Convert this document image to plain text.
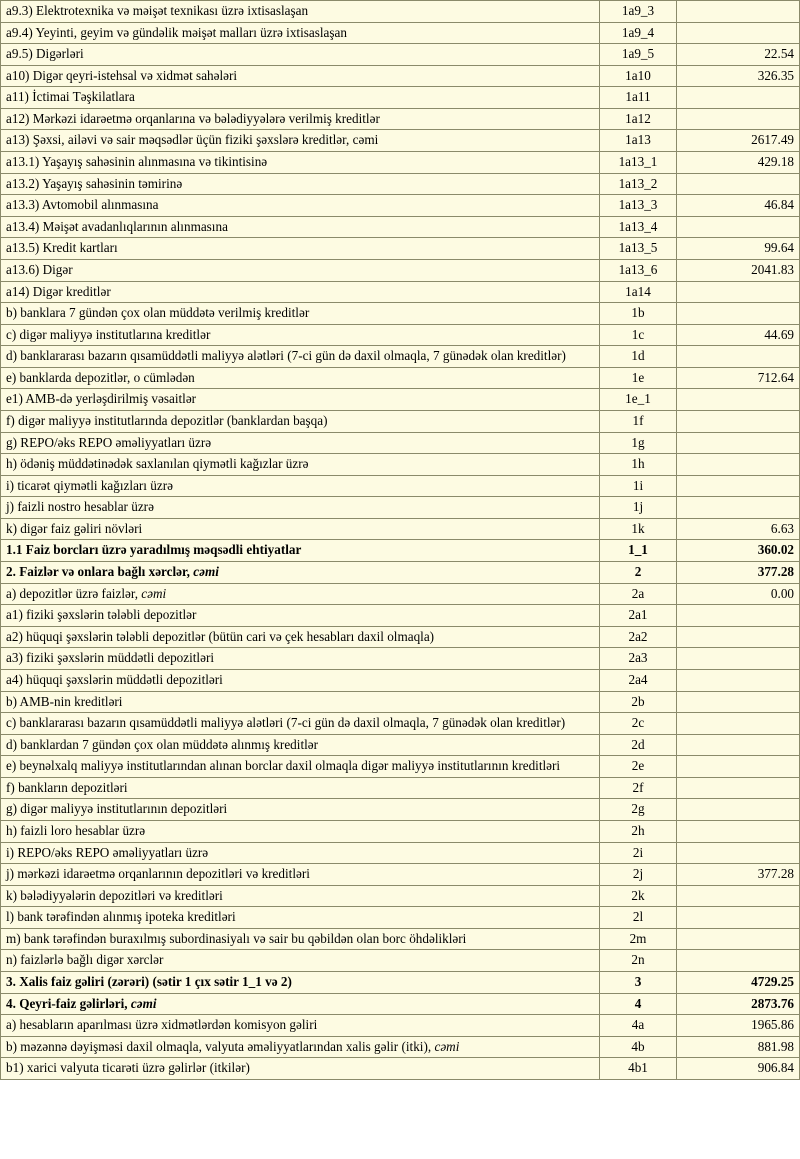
a9.3) Elektrotexnika və məişət texnikası üzrə ixtisaslaşan	1a9_3	
a9.4) Yeyinti, geyim və gündəlik məişət malları üzrə ixtisaslaşan	1a9_4	
a9.5) Digərləri	1a9_5	22.54
a10) Digər qeyri-istehsal və xidmət sahələri	1a10	326.35
a11) İctimai Təşkilatlara	1a11	
a12) Mərkəzi idarəetmə orqanlarına və bələdiyyələrə verilmiş kreditlər	1a12	
a13) Şəxsi, ailəvi və sair məqsədlər üçün fiziki şəxslərə kreditlər, cəmi	1a13	2617.49
a13.1) Yaşayış sahəsinin alınmasına və tikintisinə	1a13_1	429.18
a13.2) Yaşayış sahəsinin təmirinə	1a13_2	
a13.3) Avtomobil alınmasına	1a13_3	46.84
a13.4) Məişət avadanlıqlarının alınmasına	1a13_4	
a13.5) Kredit kartları	1a13_5	99.64
a13.6) Digər	1a13_6	2041.83
a14) Digər kreditlər	1a14	
b) banklara 7 gündən çox olan müddətə verilmiş kreditlər	1b	
c) digər maliyyə institutlarına kreditlər	1c	44.69
d) banklararası bazarın qısamüddətli maliyyə alətləri (7-ci gün də daxil olmaqla, 7 günədək olan kreditlər)	1d	
e) banklarda depozitlər, o cümlədən	1e	712.64
e1) AMB-də yerləşdirilmiş vəsaitlər	1e_1	
f) digər maliyyə institutlarında depozitlər (banklardan başqa)	1f	
g) REPO/əks REPO əməliyyatları üzrə	1g	
h) ödəniş müddətinədək saxlanılan qiymətli kağızlar üzrə	1h	
i) ticarət qiymətli kağızları üzrə	1i	
j) faizli nostro hesablar üzrə	1j	
k) digər faiz gəliri növləri	1k	6.63
1.1 Faiz borcları üzrə yaradılmış məqsədli ehtiyatlar	1_1	360.02
2. Faizlər və onlara bağlı xərclər, cəmi	2	377.28
a) depozitlər üzrə faizlər, cəmi	2a	0.00
a1) fiziki şəxslərin tələbli depozitlər	2a1	
a2) hüquqi şəxslərin tələbli depozitlər (bütün cari və çek hesabları daxil olmaqla)	2a2	
a3) fiziki şəxslərin müddətli depozitləri	2a3	
a4) hüquqi şəxslərin müddətli depozitləri	2a4	
b) AMB-nin kreditləri	2b	
c) banklararası bazarın qısamüddətli maliyyə alətləri (7-ci gün də daxil olmaqla, 7 günədək olan kreditlər)	2c	
d) banklardan 7 gündən çox olan müddətə alınmış kreditlər	2d	
e) beynəlxalq maliyyə institutlarından alınan borclar daxil olmaqla digər maliyyə institutlarının kreditləri	2e	
f) bankların depozitləri	2f	
g) digər maliyyə institutlarının depozitləri	2g	
h) faizli loro hesablar üzrə	2h	
i) REPO/əks REPO əməliyyatları üzrə	2i	
j) mərkəzi idarəetmə orqanlarının depozitləri və kreditləri	2j	377.28
k) bələdiyyələrin depozitləri və kreditləri	2k	
l) bank tərəfindən alınmış ipoteka kreditləri	2l	
m) bank tərəfindən buraxılmış subordinasiyalı və sair bu qəbildən olan borc öhdəlikləri	2m	
n) faizlərlə bağlı digər xərclər	2n	
3. Xalis faiz gəliri (zərəri) (sətir 1 çıx sətir 1_1 və 2)	3	4729.25
4. Qeyri-faiz gəlirləri, cəmi	4	2873.76
a) hesabların aparılması üzrə xidmətlərdən komisyon gəliri	4a	1965.86
b) məzənnə dəyişməsi daxil olmaqla, valyuta əməliyyatlarından xalis gəlir (itki), cəmi	4b	881.98
b1) xarici valyuta ticarəti üzrə gəlirlər (itkilər)	4b1	906.84
